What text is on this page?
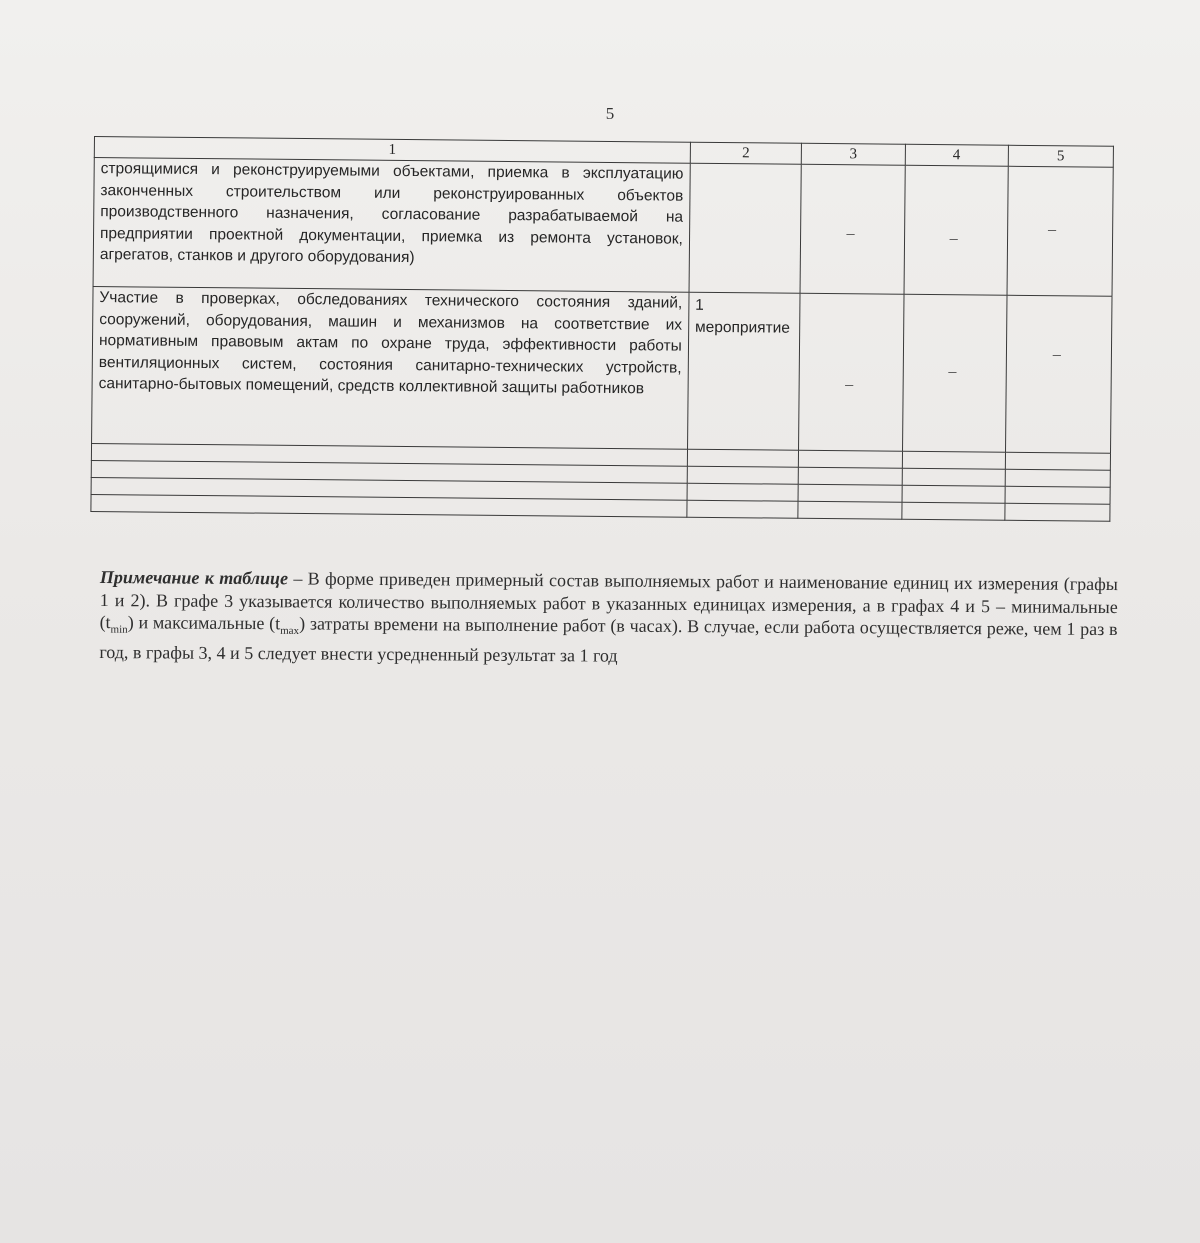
5
1	2	3	4	5
строящимися и реконструируемыми объектами, приемка в эксплуатацию законченных строительством или реконструированных объектов производственного назначения, согласование разрабатываемой на предприятии проектной документации, приемка из ремонта установок, агрегатов, станков и другого оборудования)		–	–	–

Участие в проверках, обследованиях технического состояния зданий, сооружений, оборудования, машин и механизмов на соответствие их нормативным правовым актам по охране труда, эффективности работы вентиляционных систем, состояния санитарно-технических устройств, санитарно-бытовых помещений, средств коллективной защиты работников	1 мероприятие	–	–	–

Примечание к таблице – В форме приведен примерный состав выполняемых работ и наименование единиц их измерения (графы 1 и 2). В графе 3 указывается количество выполняемых работ в указанных единицах измерения, а в графах 4 и 5 – минимальные $(t_{min})$ и максимальные $(t_{max})$ затраты времени на выполнение работ (в часах). В случае, если работа осуществляется реже, чем 1 раз в год, в графы 3, 4 и 5 следует внести усредненный результат за 1 год
